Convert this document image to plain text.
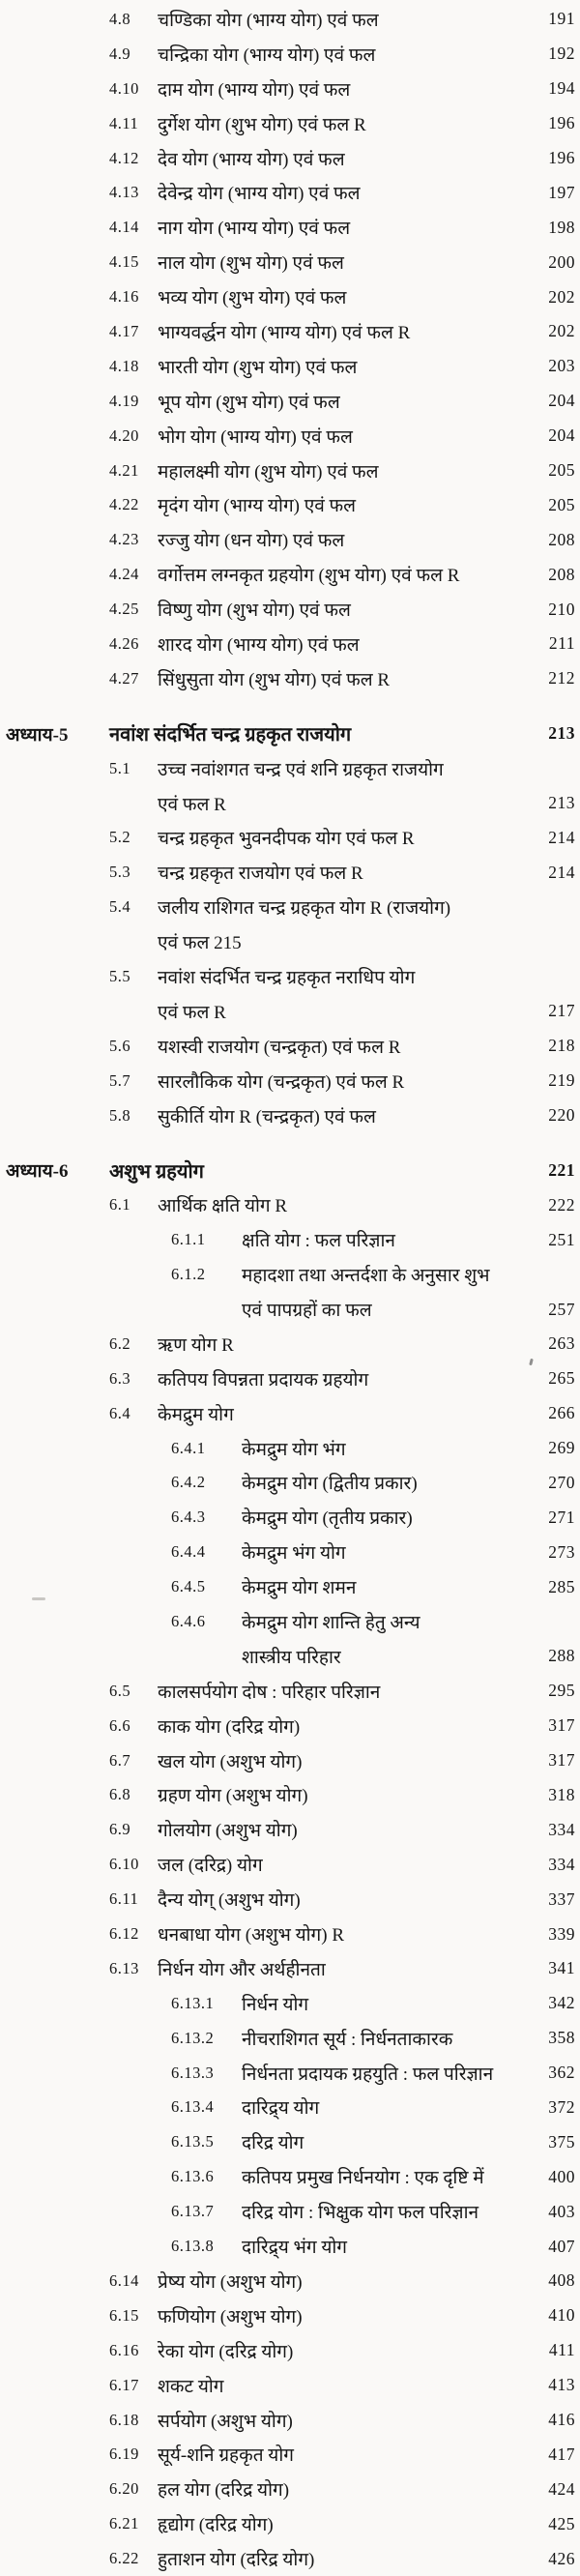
4.8	चण्डिका योग (भाग्य योग) एवं फल	191
4.9	चन्द्रिका योग (भाग्य योग) एवं फल	192
4.10	दाम योग (भाग्य योग) एवं फल	194
4.11	दुर्गेश योग (शुभ योग) एवं फल R	196
4.12	देव योग (भाग्य योग) एवं फल	196
4.13	देवेन्द्र योग (भाग्य योग) एवं फल	197
4.14	नाग योग (भाग्य योग) एवं फल	198
4.15	नाल योग (शुभ योग) एवं फल	200
4.16	भव्य योग (शुभ योग) एवं फल	202
4.17	भाग्यवर्द्धन योग (भाग्य योग) एवं फल R	202
4.18	भारती योग (शुभ योग) एवं फल	203
4.19	भूप योग (शुभ योग) एवं फल	204
4.20	भोग योग (भाग्य योग) एवं फल	204
4.21	महालक्ष्मी योग (शुभ योग) एवं फल	205
4.22	मृदंग योग (भाग्य योग) एवं फल	205
4.23	रज्जु योग (धन योग) एवं फल	208
4.24	वर्गोत्तम लग्नकृत ग्रहयोग (शुभ योग) एवं फल R	208
4.25	विष्णु योग (शुभ योग) एवं फल	210
4.26	शारद योग (भाग्य योग) एवं फल	211
4.27	सिंधुसुता योग (शुभ योग) एवं फल R	212
अध्याय-5	नवांश संदर्भित चन्द्र ग्रहकृत राजयोग	213
5.1	उच्च नवांशगत चन्द्र एवं शनि ग्रहकृत राजयोग
एवं फल R	213
5.2	चन्द्र ग्रहकृत भुवनदीपक योग एवं फल R	214
5.3	चन्द्र ग्रहकृत राजयोग एवं फल R	214
5.4	जलीय राशिगत चन्द्र ग्रहकृत योग R (राजयोग)
एवं फल 215
5.5	नवांश संदर्भित चन्द्र ग्रहकृत नराधिप योग
एवं फल R	217
5.6	यशस्वी राजयोग (चन्द्रकृत) एवं फल R	218
5.7	सारलौकिक योग (चन्द्रकृत) एवं फल R	219
5.8	सुकीर्ति योग R (चन्द्रकृत) एवं फल	220
अध्याय-6	अशुभ ग्रहयोग	221
6.1	आर्थिक क्षति योग R	222
6.1.1	क्षति योग : फल परिज्ञान	251
6.1.2	महादशा तथा अन्तर्दशा के अनुसार शुभ
एवं पापग्रहों का फल	257
6.2	ऋण योग R	263
6.3	कतिपय विपन्नता प्रदायक ग्रहयोग	265
6.4	केमद्रुम योग	266
6.4.1	केमद्रुम योग भंग	269
6.4.2	केमद्रुम योग (द्वितीय प्रकार)	270
6.4.3	केमद्रुम योग (तृतीय प्रकार)	271
6.4.4	केमद्रुम भंग योग	273
6.4.5	केमद्रुम योग शमन	285
6.4.6	केमद्रुम योग शान्ति हेतु अन्य
शास्त्रीय परिहार	288
6.5	कालसर्पयोग दोष : परिहार परिज्ञान	295
6.6	काक योग (दरिद्र योग)	317
6.7	खल योग (अशुभ योग)	317
6.8	ग्रहण योग (अशुभ योग)	318
6.9	गोलयोग (अशुभ योग)	334
6.10	जल (दरिद्र) योग	334
6.11	दैन्य योग् (अशुभ योग)	337
6.12	धनबाधा योग (अशुभ योग) R	339
6.13	निर्धन योग और अर्थहीनता	341
6.13.1	निर्धन योग	342
6.13.2	नीचराशिगत सूर्य : निर्धनताकारक	358
6.13.3	निर्धनता प्रदायक ग्रहयुति : फल परिज्ञान	362
6.13.4	दारिद्र्य योग	372
6.13.5	दरिद्र योग	375
6.13.6	कतिपय प्रमुख निर्धनयोग : एक दृष्टि में	400
6.13.7	दरिद्र योग : भिक्षुक योग फल परिज्ञान	403
6.13.8	दारिद्र्य भंग योग	407
6.14	प्रेष्य योग (अशुभ योग)	408
6.15	फणियोग (अशुभ योग)	410
6.16	रेका योग (दरिद्र योग)	411
6.17	शकट योग	413
6.18	सर्पयोग (अशुभ योग)	416
6.19	सूर्य-शनि ग्रहकृत योग	417
6.20	हल योग (दरिद्र योग)	424
6.21	हृद्योग (दरिद्र योग)	425
6.22	हुताशन योग (दरिद्र योग)	426
